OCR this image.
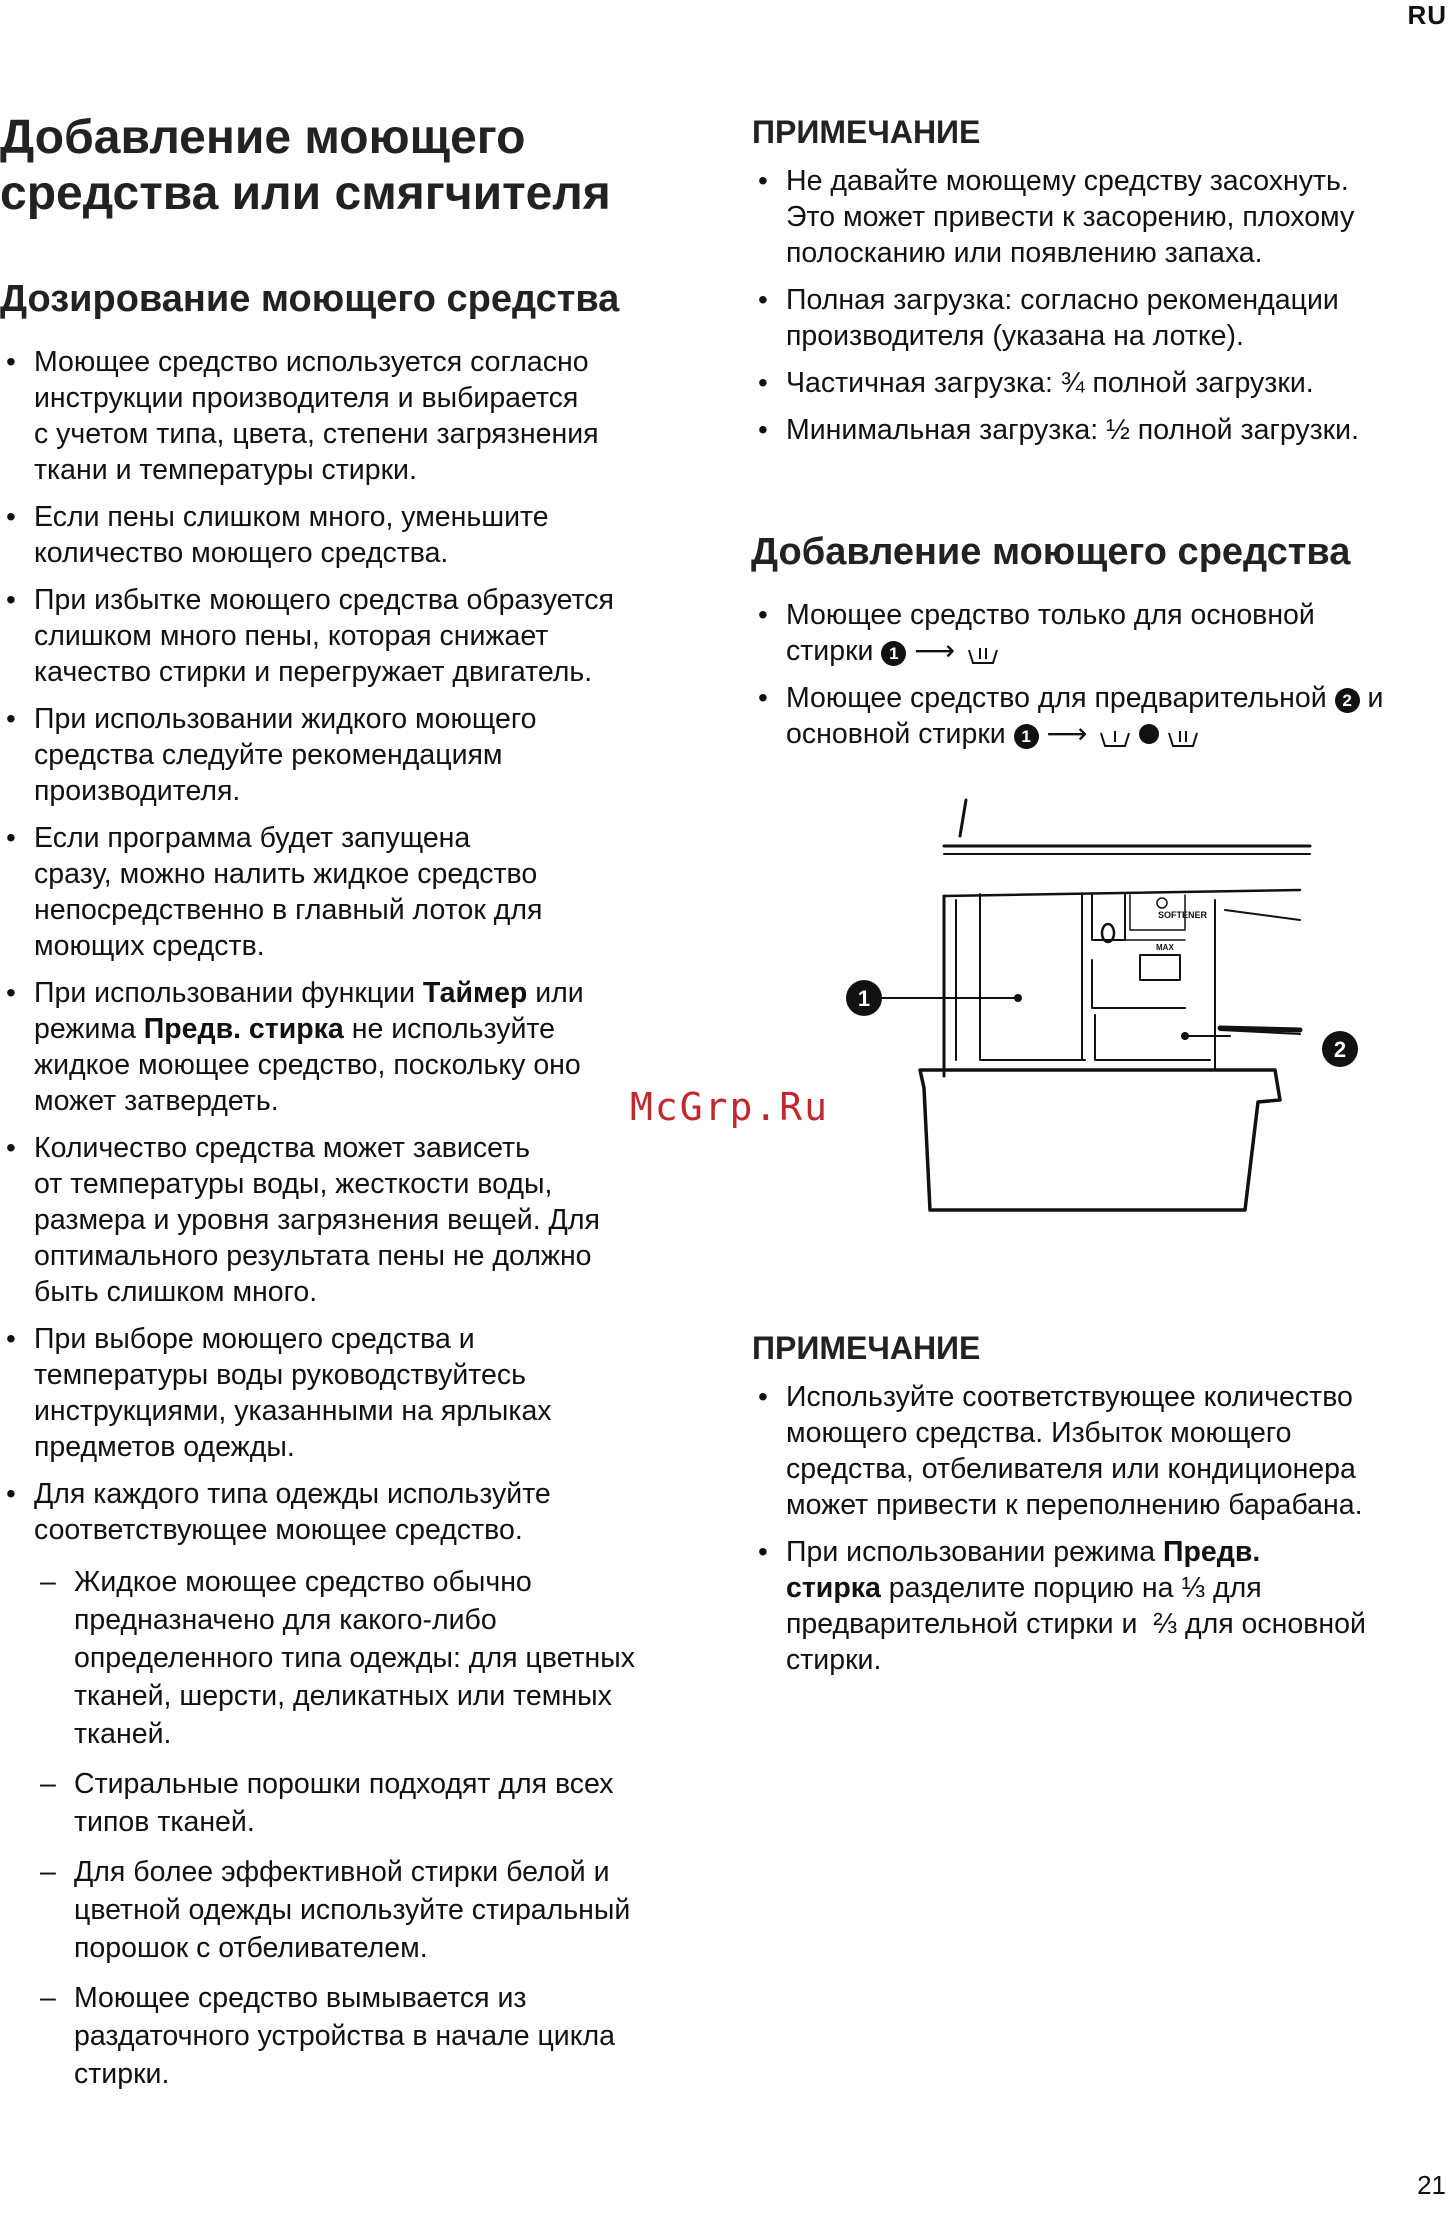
RU
Добавление моющего
средства или смягчителя
Дозирование моющего средства
• Моющее средство используется согласно
инструкции производителя и выбирается
с учетом типа, цвета, степени загрязнения
ткани и температуры стирки.
• Если пены слишком много, уменьшите
количество моющего средства.
• При избытке моющего средства образуется
слишком много пены, которая снижает
качество стирки и перегружает двигатель.
• При использовании жидкого моющего
средства следуйте рекомендациям
производителя.
• Если программа будет запущена
сразу, можно налить жидкое средство
непосредственно в главный лоток для
моющих средств.
• При использовании функции Таймер или
режима Предв. стирка не используйте
жидкое моющее средство, поскольку оно
может затвердеть.
• Количество средства может зависеть
от температуры воды, жесткости воды,
размера и уровня загрязнения вещей. Для
оптимального результата пены не должно
быть слишком много.
• При выборе моющего средства и
температуры воды руководствуйтесь
инструкциями, указанными на ярлыках
предметов одежды.
• Для каждого типа одежды используйте
соответствующее моющее средство.
– Жидкое моющее средство обычно
предназначено для какого-либо
определенного типа одежды: для цветных
тканей, шерсти, деликатных или темных
тканей.
– Стиральные порошки подходят для всех
типов тканей.
– Для более эффективной стирки белой и
цветной одежды используйте стиральный
порошок с отбеливателем.
– Моющее средство вымывается из
раздаточного устройства в начале цикла
стирки.
ПРИМЕЧАНИЕ
• Не давайте моющему средству засохнуть.
Это может привести к засорению, плохому
полосканию или появлению запаха.
• Полная загрузка: согласно рекомендации
производителя (указана на лотке).
• Частичная загрузка: ¾ полной загрузки.
• Минимальная загрузка: ½ полной загрузки.
Добавление моющего средства
• Моющее средство только для основной
стирки 1 ⟶
• Моющее средство для предварительной 2 и
основной стирки 1 ⟶
SOFTENER
MAX
1
2
ПРИМЕЧАНИЕ
• Используйте соответствующее количество
моющего средства. Избыток моющего
средства, отбеливателя или кондиционера
может привести к переполнению барабана.
• При использовании режима Предв.
стирка разделите порцию на ⅓ для
предварительной стирки и  ⅔ для основной
стирки.
McGrp.Ru
21
